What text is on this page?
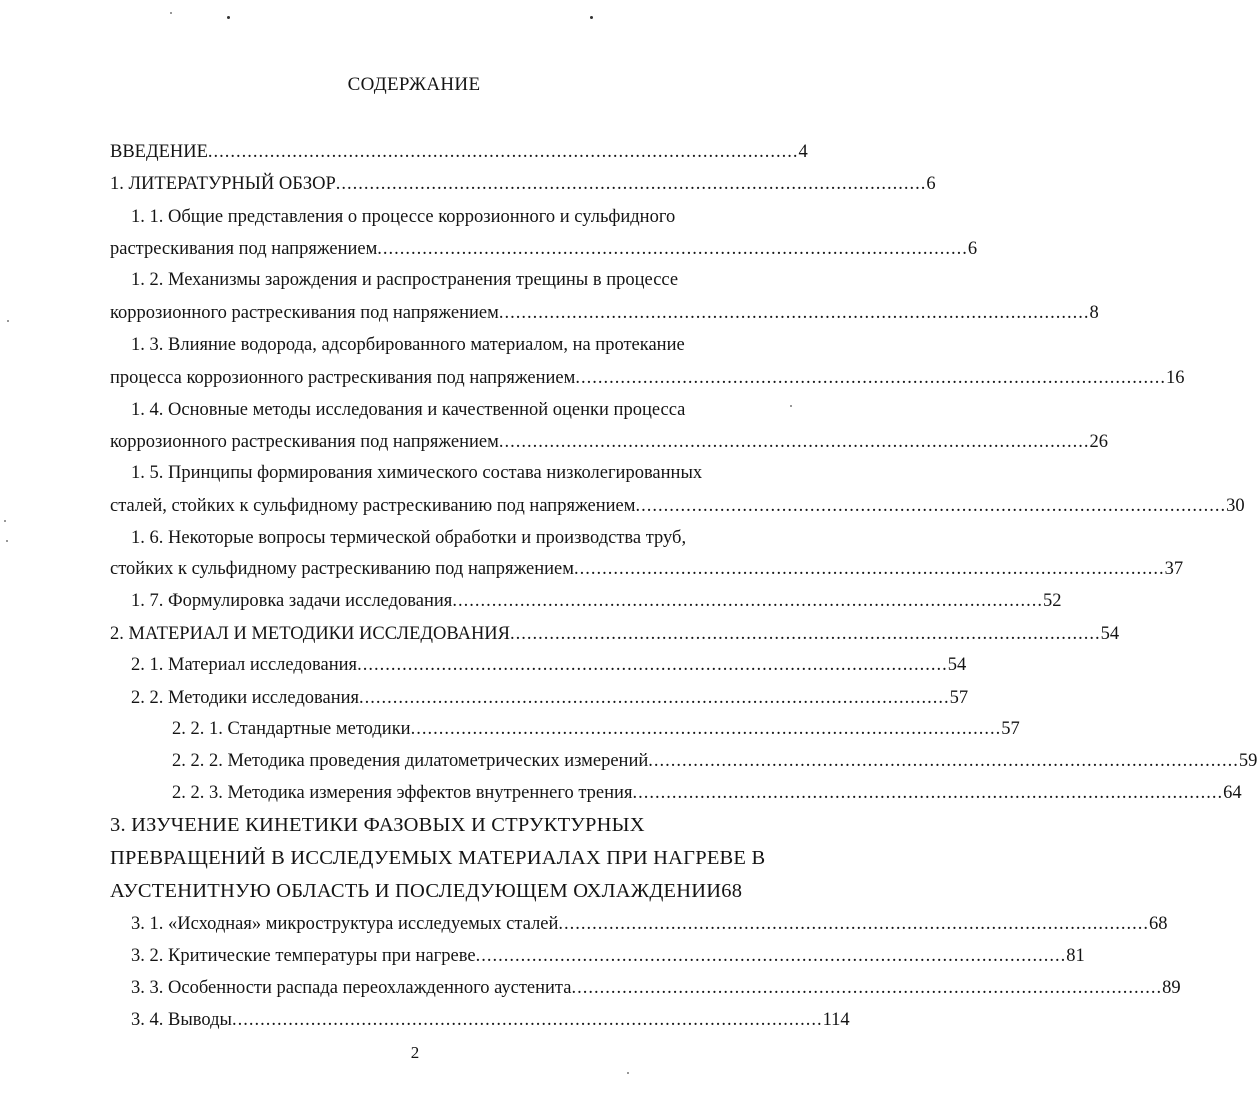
СОДЕРЖАНИЕ
ВВЕДЕНИЕ ......................................................................................................... 4
1. ЛИТЕРАТУРНЫЙ ОБЗОР ......................................................................................................... 6
1. 1. Общие представления о процессе коррозионного и сульфидного
растрескивания под напряжением ......................................................................................................... 6
1. 2. Механизмы зарождения и распространения трещины в процессе
коррозионного растрескивания под напряжением ......................................................................................................... 8
1. 3. Влияние водорода, адсорбированного материалом, на протекание
процесса коррозионного растрескивания под напряжением ......................................................................................................... 16
1. 4. Основные методы исследования и качественной оценки процесса
коррозионного растрескивания под напряжением ......................................................................................................... 26
1. 5. Принципы формирования химического состава низколегированных
сталей, стойких к сульфидному растрескиванию под напряжением ......................................................................................................... 30
1. 6. Некоторые вопросы термической обработки и производства труб,
стойких к сульфидному растрескиванию под напряжением ......................................................................................................... 37
1. 7. Формулировка задачи исследования ......................................................................................................... 52
2. МАТЕРИАЛ И МЕТОДИКИ ИССЛЕДОВАНИЯ ......................................................................................................... 54
2. 1. Материал исследования ......................................................................................................... 54
2. 2. Методики исследования ......................................................................................................... 57
2. 2. 1. Стандартные методики ......................................................................................................... 57
2. 2. 2. Методика проведения дилатометрических измерений ......................................................................................................... 59
2. 2. 3. Методика измерения эффектов внутреннего трения ......................................................................................................... 64
3. ИЗУЧЕНИЕ КИНЕТИКИ ФАЗОВЫХ И СТРУКТУРНЫХ
ПРЕВРАЩЕНИЙ В ИССЛЕДУЕМЫХ МАТЕРИАЛАХ ПРИ НАГРЕВЕ В
АУСТЕНИТНУЮ ОБЛАСТЬ И ПОСЛЕДУЮЩЕМ ОХЛАЖДЕНИИ 68
3. 1. «Исходная» микроструктура исследуемых сталей ......................................................................................................... 68
3. 2. Критические температуры при нагреве ......................................................................................................... 81
3. 3. Особенности распада переохлажденного аустенита ......................................................................................................... 89
3. 4. Выводы ......................................................................................................... 114
2
